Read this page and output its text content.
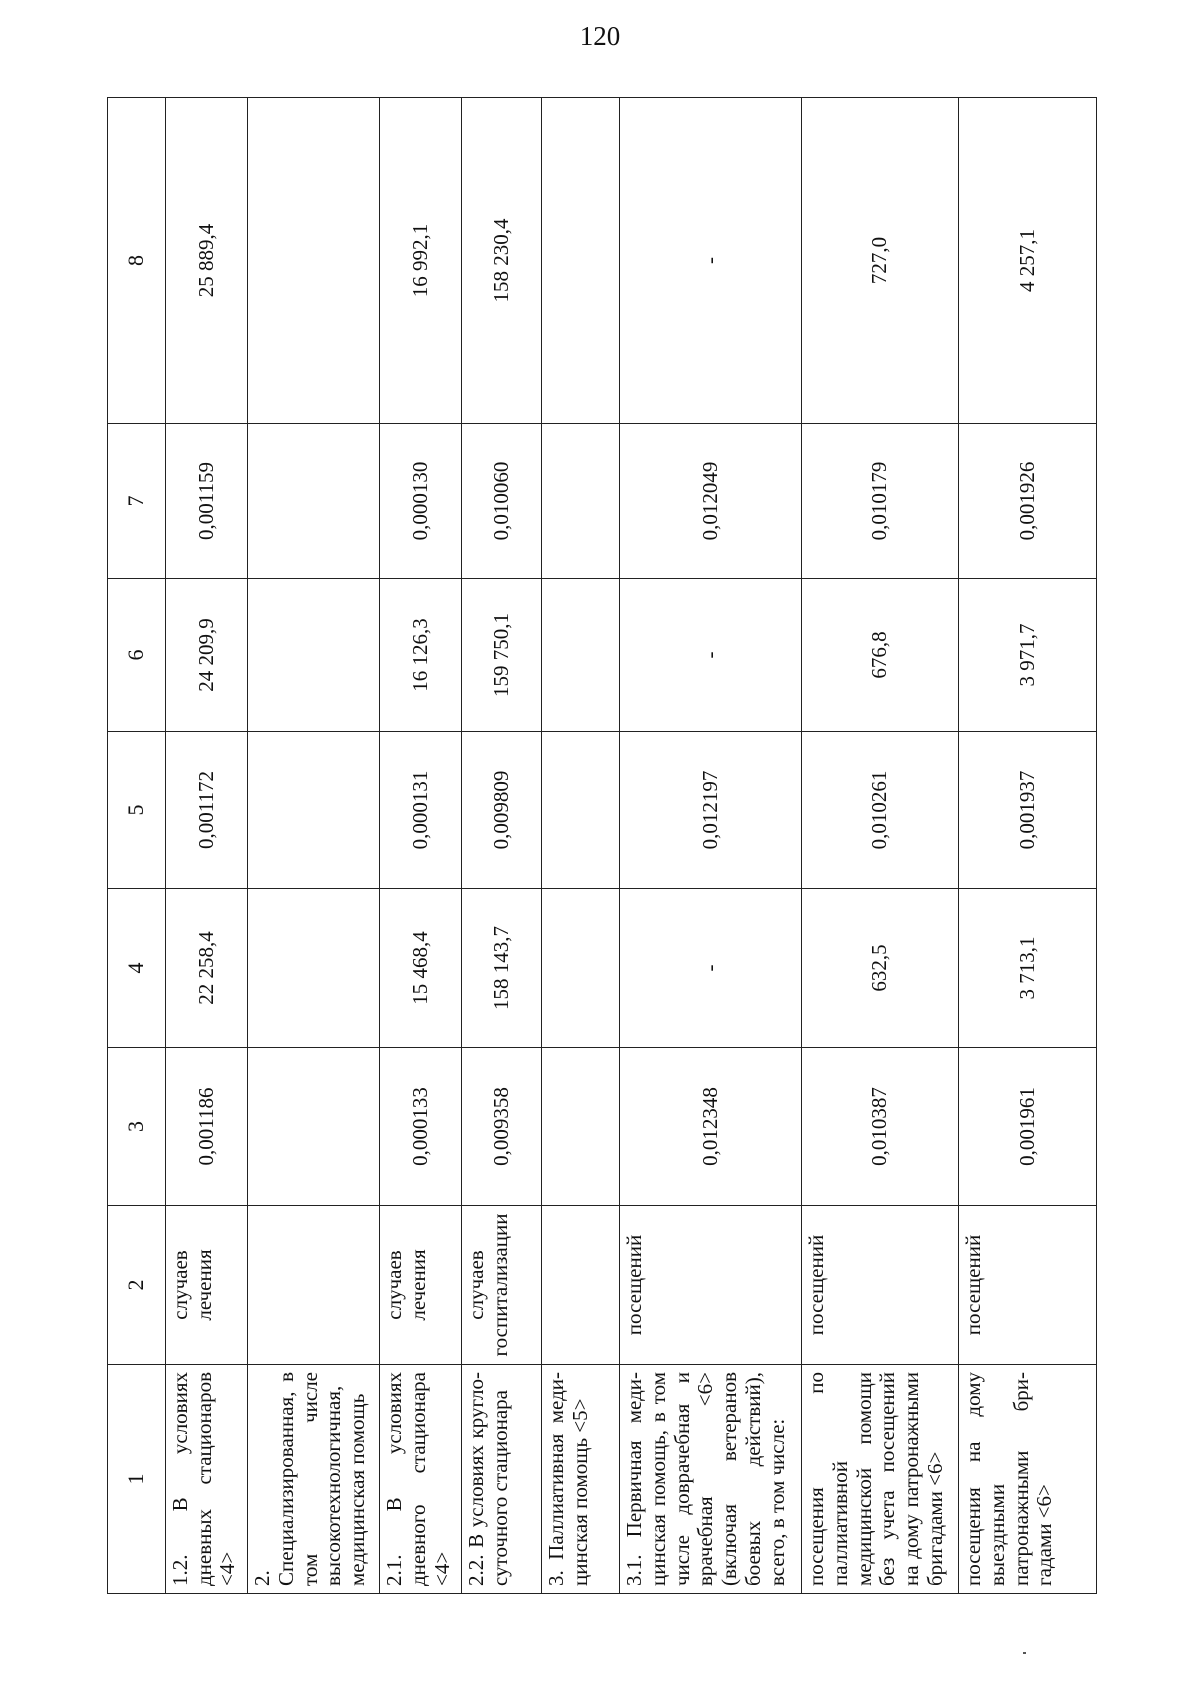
120
1	2	3	4	5	6	7	8
1.2. В условиях дневных стационаров <4>	случаев лечения	0,001186	22 258,4	0,001172	24 209,9	0,001159	25 889,4
2. Специализированная, в том числе высокотехнологичная, медицинская помощь							
2.1. В условиях дневного стационара <4>	случаев лечения	0,000133	15 468,4	0,000131	16 126,3	0,000130	16 992,1
2.2. В условиях круглосуточного стационара	случаев госпитализации	0,009358	158 143,7	0,009809	159 750,1	0,010060	158 230,4
3. Паллиативная медицинская помощь <5>							
3.1. Первичная медицинская помощь, в том числе доврачебная и врачебная <6> (включая ветеранов боевых действий), всего, в том числе:	посещений	0,012348	-	0,012197	-	0,012049	-
посещения по паллиативной медицинской помощи без учета посещений на дому патронажными бригадами <6>	посещений	0,010387	632,5	0,010261	676,8	0,010179	727,0
посещения на дому выездными патронажными бригадами <6>	посещений	0,001961	3 713,1	0,001937	3 971,7	0,001926	4 257,1
